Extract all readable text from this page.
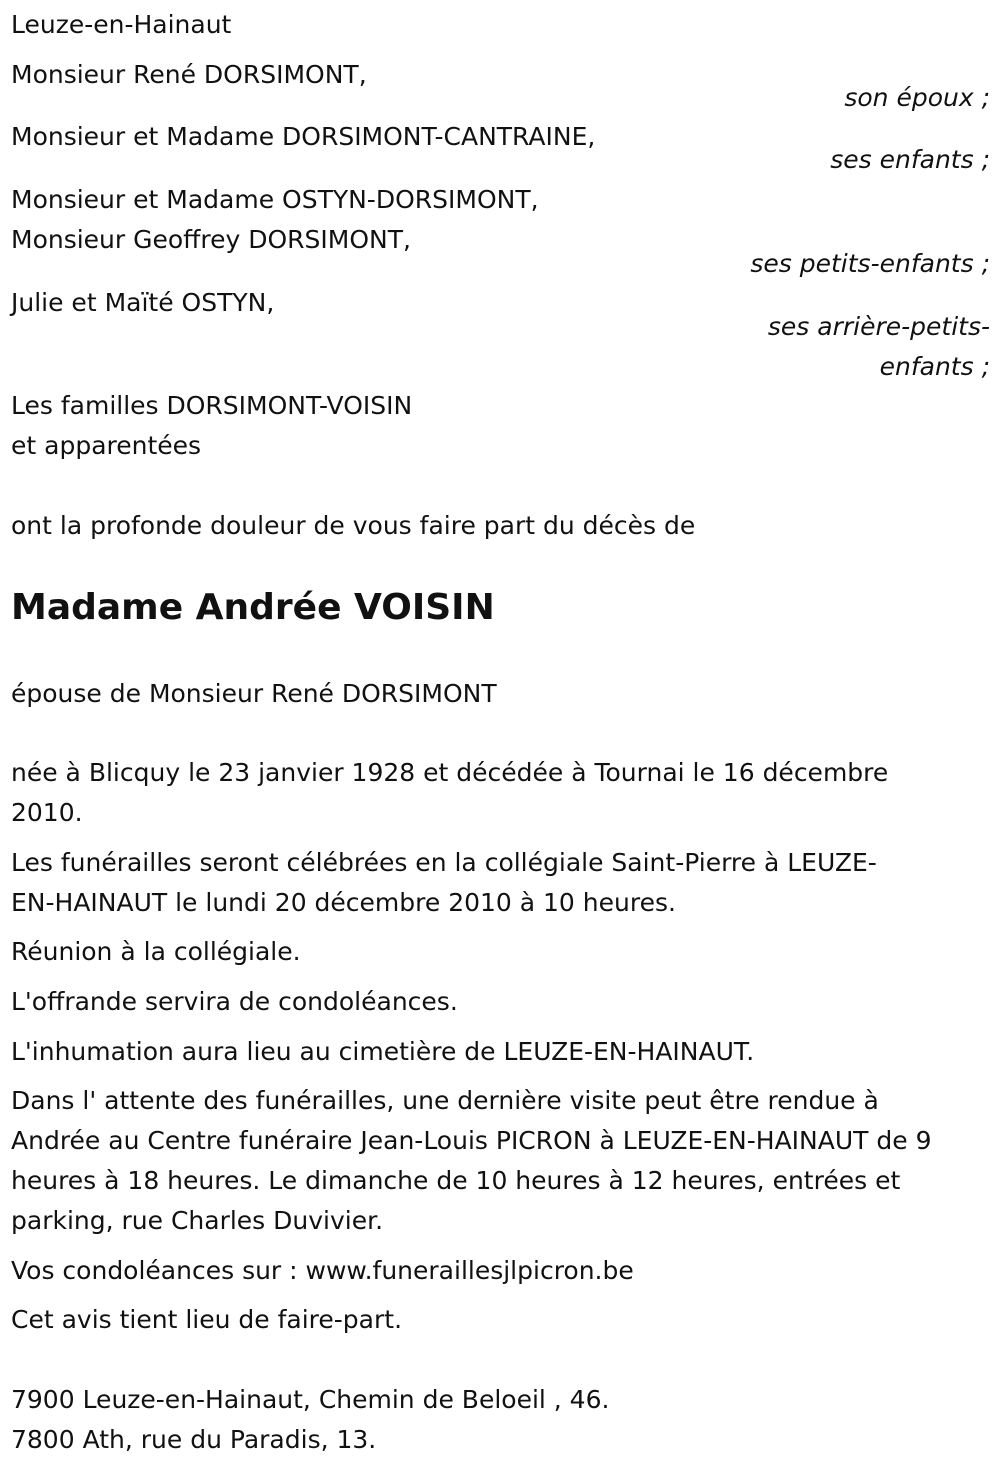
Leuze-en-Hainaut
Monsieur René DORSIMONT,
son époux ;
Monsieur et Madame DORSIMONT-CANTRAINE,
ses enfants ;
Monsieur et Madame OSTYN-DORSIMONT,
Monsieur Geoffrey DORSIMONT,
ses petits-enfants ;
Julie et Maïté OSTYN,
ses arrière-petits-
enfants ;
Les familles DORSIMONT-VOISIN
et apparentées
ont la profonde douleur de vous faire part du décès de
Madame Andrée VOISIN
épouse de Monsieur René DORSIMONT
née à Blicquy le 23 janvier 1928 et décédée à Tournai le 16 décembre
2010.
Les funérailles seront célébrées en la collégiale Saint-Pierre à LEUZE-
EN-HAINAUT le lundi 20 décembre 2010 à 10 heures.
Réunion à la collégiale.
L'offrande servira de condoléances.
L'inhumation aura lieu au cimetière de LEUZE-EN-HAINAUT.
Dans l' attente des funérailles, une dernière visite peut être rendue à
Andrée au Centre funéraire Jean-Louis PICRON à LEUZE-EN-HAINAUT de 9
heures à 18 heures. Le dimanche de 10 heures à 12 heures, entrées et
parking, rue Charles Duvivier.
Vos condoléances sur : www.funeraillesjlpicron.be
Cet avis tient lieu de faire-part.
7900 Leuze-en-Hainaut, Chemin de Beloeil , 46.
7800 Ath, rue du Paradis, 13.
